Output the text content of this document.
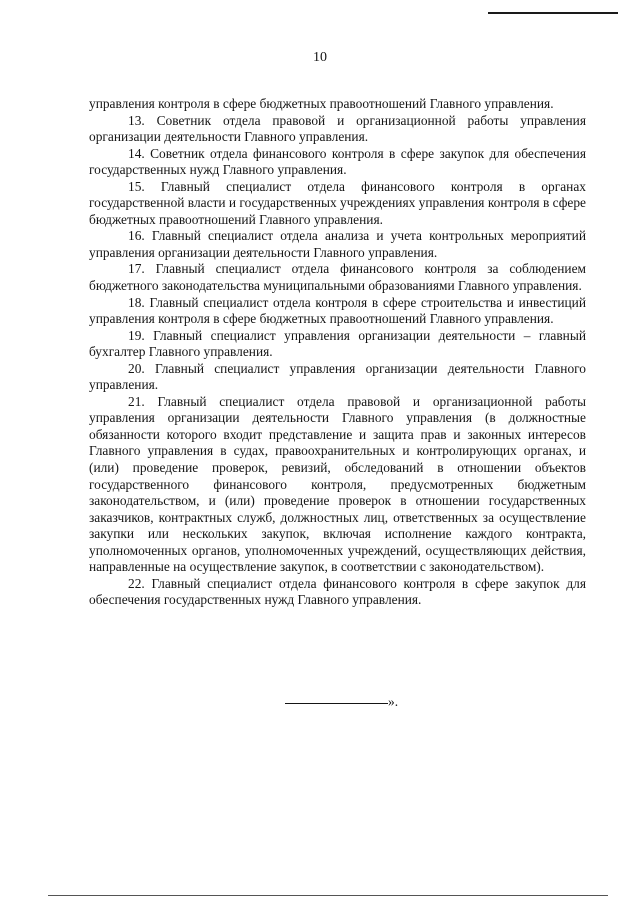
10

управления контроля в сфере бюджетных правоотношений Главного управления.

13. Советник отдела правовой и организационной работы управления организации деятельности Главного управления.

14. Советник отдела финансового контроля в сфере закупок для обеспечения государственных нужд Главного управления.

15. Главный специалист отдела финансового контроля в органах государственной власти и государственных учреждениях управления контроля в сфере бюджетных правоотношений Главного управления.

16. Главный специалист отдела анализа и учета контрольных мероприятий управления организации деятельности Главного управления.

17. Главный специалист отдела финансового контроля за соблюдением бюджетного законодательства муниципальными образованиями Главного управления.

18. Главный специалист отдела контроля в сфере строительства и инвестиций управления контроля в сфере бюджетных правоотношений Главного управления.

19. Главный специалист управления организации деятельности – главный бухгалтер Главного управления.

20. Главный специалист управления организации деятельности Главного управления.

21. Главный специалист отдела правовой и организационной работы управления организации деятельности Главного управления (в должностные обязанности которого входит представление и защита прав и законных интересов Главного управления в судах, правоохранительных и контролирующих органах, и (или) проведение проверок, ревизий, обследований в отношении объектов государственного финансового контроля, предусмотренных бюджетным законодательством, и (или) проведение проверок в отношении государственных заказчиков, контрактных служб, должностных лиц, ответственных за осуществление закупки или нескольких закупок, включая исполнение каждого контракта, уполномоченных органов, уполномоченных учреждений, осуществляющих действия, направленные на осуществление закупок, в соответствии с законодательством).

22. Главный специалист отдела финансового контроля в сфере закупок для обеспечения государственных нужд Главного управления.

».
